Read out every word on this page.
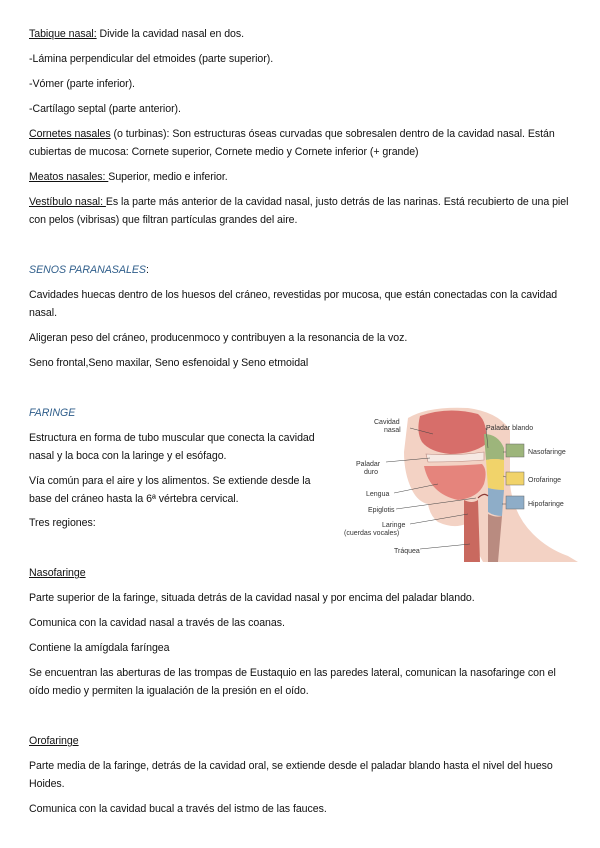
Tabique nasal: Divide la cavidad nasal en dos.

-Lámina perpendicular del etmoides (parte superior).

-Vómer (parte inferior).

-Cartílago septal (parte anterior).

Cornetes nasales (o turbinas): Son estructuras óseas curvadas que sobresalen dentro de la cavidad nasal. Están cubiertas de mucosa: Cornete superior, Cornete medio y Cornete inferior (+ grande)

Meatos nasales: Superior, medio e inferior.

Vestíbulo nasal: Es la parte más anterior de la cavidad nasal, justo detrás de las narinas. Está recubierto de una piel con pelos (vibrisas) que filtran partículas grandes del aire.

SENOS PARANASALES:

Cavidades huecas dentro de los huesos del cráneo, revestidas por mucosa, que están conectadas con la cavidad nasal.

Aligeran peso del cráneo, producenmoco y contribuyen a la resonancia de la voz.

Seno frontal,Seno maxilar, Seno esfenoidal y Seno etmoidal

FARINGE

Estructura en forma de tubo muscular que conecta la cavidad nasal y la boca con la laringe y el esófago.

Vía común para el aire y los alimentos. Se extiende desde la base del cráneo hasta la 6ª vértebra cervical.

Tres regiones:

Cavidad
nasal	Paladar blando
Paladar
duro
Lengua
Epiglotis
Laringe
(cuerdas vocales)
Tráquea
Nasofaringe
Orofaringe
Hipofaringe

Nasofaringe

Parte superior de la faringe, situada detrás de la cavidad nasal y por encima del paladar blando.

Comunica con la cavidad nasal a través de las coanas.

Contiene la amígdala faríngea

Se encuentran las aberturas de las trompas de Eustaquio en las paredes lateral, comunican la nasofaringe con el oído medio y permiten la igualación de la presión en el oído.

Orofaringe

Parte media de la faringe, detrás de la cavidad oral, se extiende desde el paladar blando hasta el nivel del hueso Hoides.

Comunica con la cavidad bucal a través del istmo de las fauces.
